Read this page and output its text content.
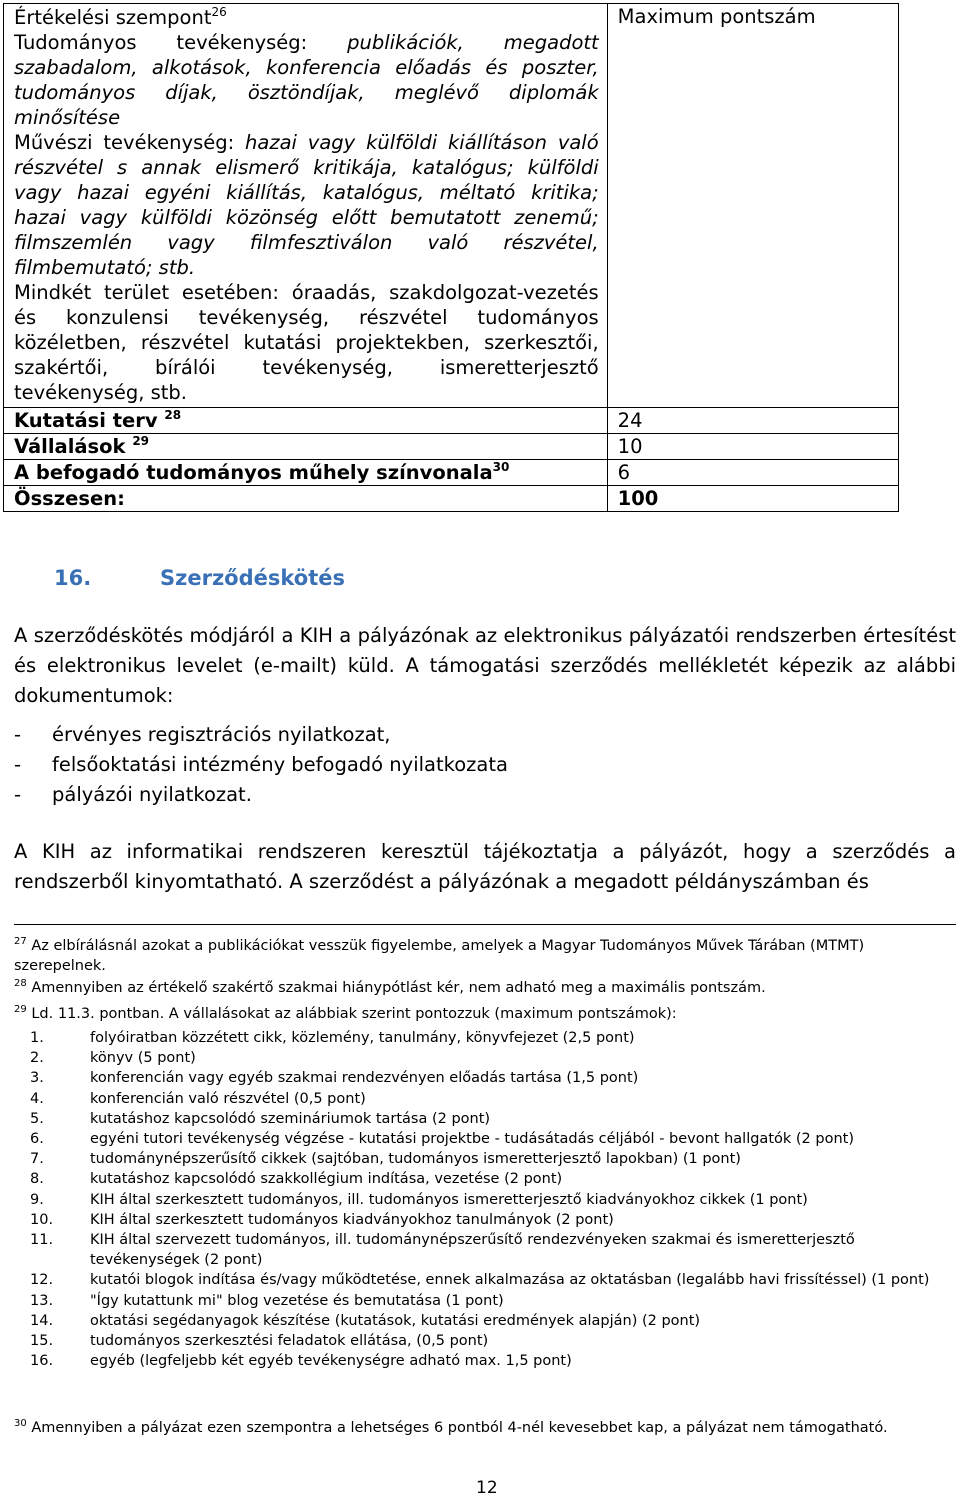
Értékelési szempont$^{26}$	Maximum pontszám

Tudományos tevékenység: publikációk, megadott szabadalom, alkotások, konferencia előadás és poszter, tudományos díjak, ösztöndíjak, meglévő diplomák minősítése
Művészi tevékenység: hazai vagy külföldi kiállításon való részvétel s annak elismerő kritikája, katalógus; külföldi vagy hazai egyéni kiállítás, katalógus, méltató kritika; hazai vagy külföldi közönség előtt bemutatott zenemű; filmszemlén vagy filmfesztiválon való részvétel, filmbemutató; stb.
Mindkét terület esetében: óraadás, szakdolgozat-vezetés és konzulensi tevékenység, részvétel tudományos közéletben, részvétel kutatási projektekben, szerkesztői, szakértői, bírálói tevékenység, ismeretterjesztő tevékenység, stb.	

Kutatási terv $^{28}$	24
Vállalások $^{29}$	10
A befogadó tudományos műhely színvonala$^{30}$	6
Összesen:	100
16.	Szerződéskötés

A szerződéskötés módjáról a KIH a pályázónak az elektronikus pályázatói rendszerben értesítést és elektronikus levelet (e-mailt) küld. A támogatási szerződés mellékletét képezik az alábbi dokumentumok:

-	érvényes regisztrációs nyilatkozat,
-	felsőoktatási intézmény befogadó nyilatkozata
-	pályázói nyilatkozat.

A KIH az informatikai rendszeren keresztül tájékoztatja a pályázót, hogy a szerződés a rendszerből kinyomtatható. A szerződést a pályázónak a megadott példányszámban és

$^{27}$ Az elbírálásnál azokat a publikációkat vesszük figyelembe, amelyek a Magyar Tudományos Művek Tárában (MTMT) szerepelnek.

$^{28}$ Amennyiben az értékelő szakértő szakmai hiánypótlást kér, nem adható meg a maximális pontszám.

$^{29}$ Ld. 11.3. pontban. A vállalásokat az alábbiak szerint pontozzuk (maximum pontszámok):

1.	folyóiratban közzétett cikk, közlemény, tanulmány, könyvfejezet (2,5 pont)
2.	könyv (5 pont)
3.	konferencián vagy egyéb szakmai rendezvényen előadás tartása (1,5 pont)
4.	konferencián való részvétel (0,5 pont)
5.	kutatáshoz kapcsolódó szemináriumok tartása (2 pont)
6.	egyéni tutori tevékenység végzése - kutatási projektbe - tudásátadás céljából - bevont hallgatók (2 pont)
7.	tudománynépszerűsítő cikkek (sajtóban, tudományos ismeretterjesztő lapokban) (1 pont)
8.	kutatáshoz kapcsolódó szakkollégium indítása, vezetése (2 pont)
9.	KIH által szerkesztett tudományos, ill. tudományos ismeretterjesztő kiadványokhoz cikkek (1 pont)
10.	KIH által szerkesztett tudományos kiadványokhoz tanulmányok (2 pont)
11.	KIH által szervezett tudományos, ill. tudománynépszerűsítő rendezvényeken szakmai és ismeretterjesztő tevékenységek (2 pont)
12.	kutatói blogok indítása és/vagy működtetése, ennek alkalmazása az oktatásban (legalább havi frissítéssel) (1 pont)
13.	"Így kutattunk mi" blog vezetése és bemutatása (1 pont)
14.	oktatási segédanyagok készítése (kutatások, kutatási eredmények alapján) (2 pont)
15.	tudományos szerkesztési feladatok ellátása, (0,5 pont)
16.	egyéb (legfeljebb két egyéb tevékenységre adható max. 1,5 pont)

$^{30}$ Amennyiben a pályázat ezen szempontra a lehetséges 6 pontból 4-nél kevesebbet kap, a pályázat nem támogatható.

12
